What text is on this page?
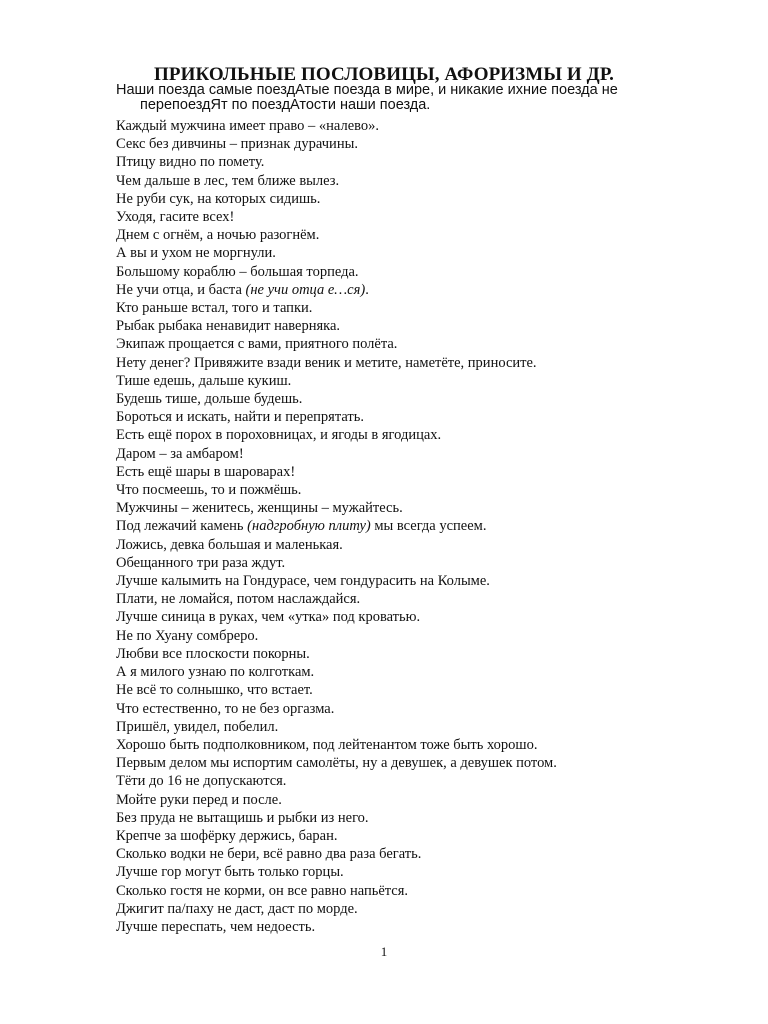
ПРИКОЛЬНЫЕ ПОСЛОВИЦЫ, АФОРИЗМЫ И ДР.

Наши поезда самые поездАтые поезда в мире, и никакие ихние поезда не
перепоездЯт по поездАтости наши поезда.

Каждый мужчина имеет право – «налево».
Секс без дивчины – признак дурачины.
Птицу видно по помету.
Чем дальше в лес, тем ближе вылез.
Не руби сук, на которых сидишь.
Уходя, гасите всех!
Днем с огнём, а ночью разогнём.
А вы и ухом не моргнули.
Большому кораблю – большая торпеда.
Не учи отца, и баста (не учи отца е…ся).
Кто раньше встал, того и тапки.
Рыбак рыбака ненавидит наверняка.
Экипаж прощается с вами, приятного полёта.
Нету денег? Привяжите взади веник и метите, наметёте, приносите.
Тише едешь, дальше кукиш.
Будешь тише, дольше будешь.
Бороться и искать, найти и перепрятать.
Есть ещё порох в пороховницах, и ягоды в ягодицах.
Даром – за амбаром!
Есть ещё шары в шароварах!
Что посмеешь, то и пожмёшь.
Мужчины – женитесь, женщины – мужайтесь.
Под лежачий камень (надгробную плиту) мы всегда успеем.
Ложись, девка большая и маленькая.
Обещанного три раза ждут.
Лучше калымить на Гондурасе, чем гондурасить на Колыме.
Плати, не ломайся, потом наслаждайся.
Лучше синица в руках, чем «утка» под кроватью.
Не по Хуану сомбреро.
Любви все плоскости покорны.
А я милого узнаю по колготкам.
Не всё то солнышко, что встает.
Что естественно, то не без оргазма.
Пришёл, увидел, побелил.
Хорошо быть подполковником, под лейтенантом тоже быть хорошо.
Первым делом мы испортим самолёты, ну а девушек, а девушек потом.
Тёти до 16 не допускаются.
Мойте руки перед и после.
Без пруда не вытащишь и рыбки из него.
Крепче за шофёрку держись, баран.
Сколько водки не бери, всё равно два раза бегать.
Лучше гор могут быть только горцы.
Сколько гостя не корми, он все равно напьётся.
Джигит па/паху не даст, даст по морде.
Лучше переспать, чем недоесть.
1
